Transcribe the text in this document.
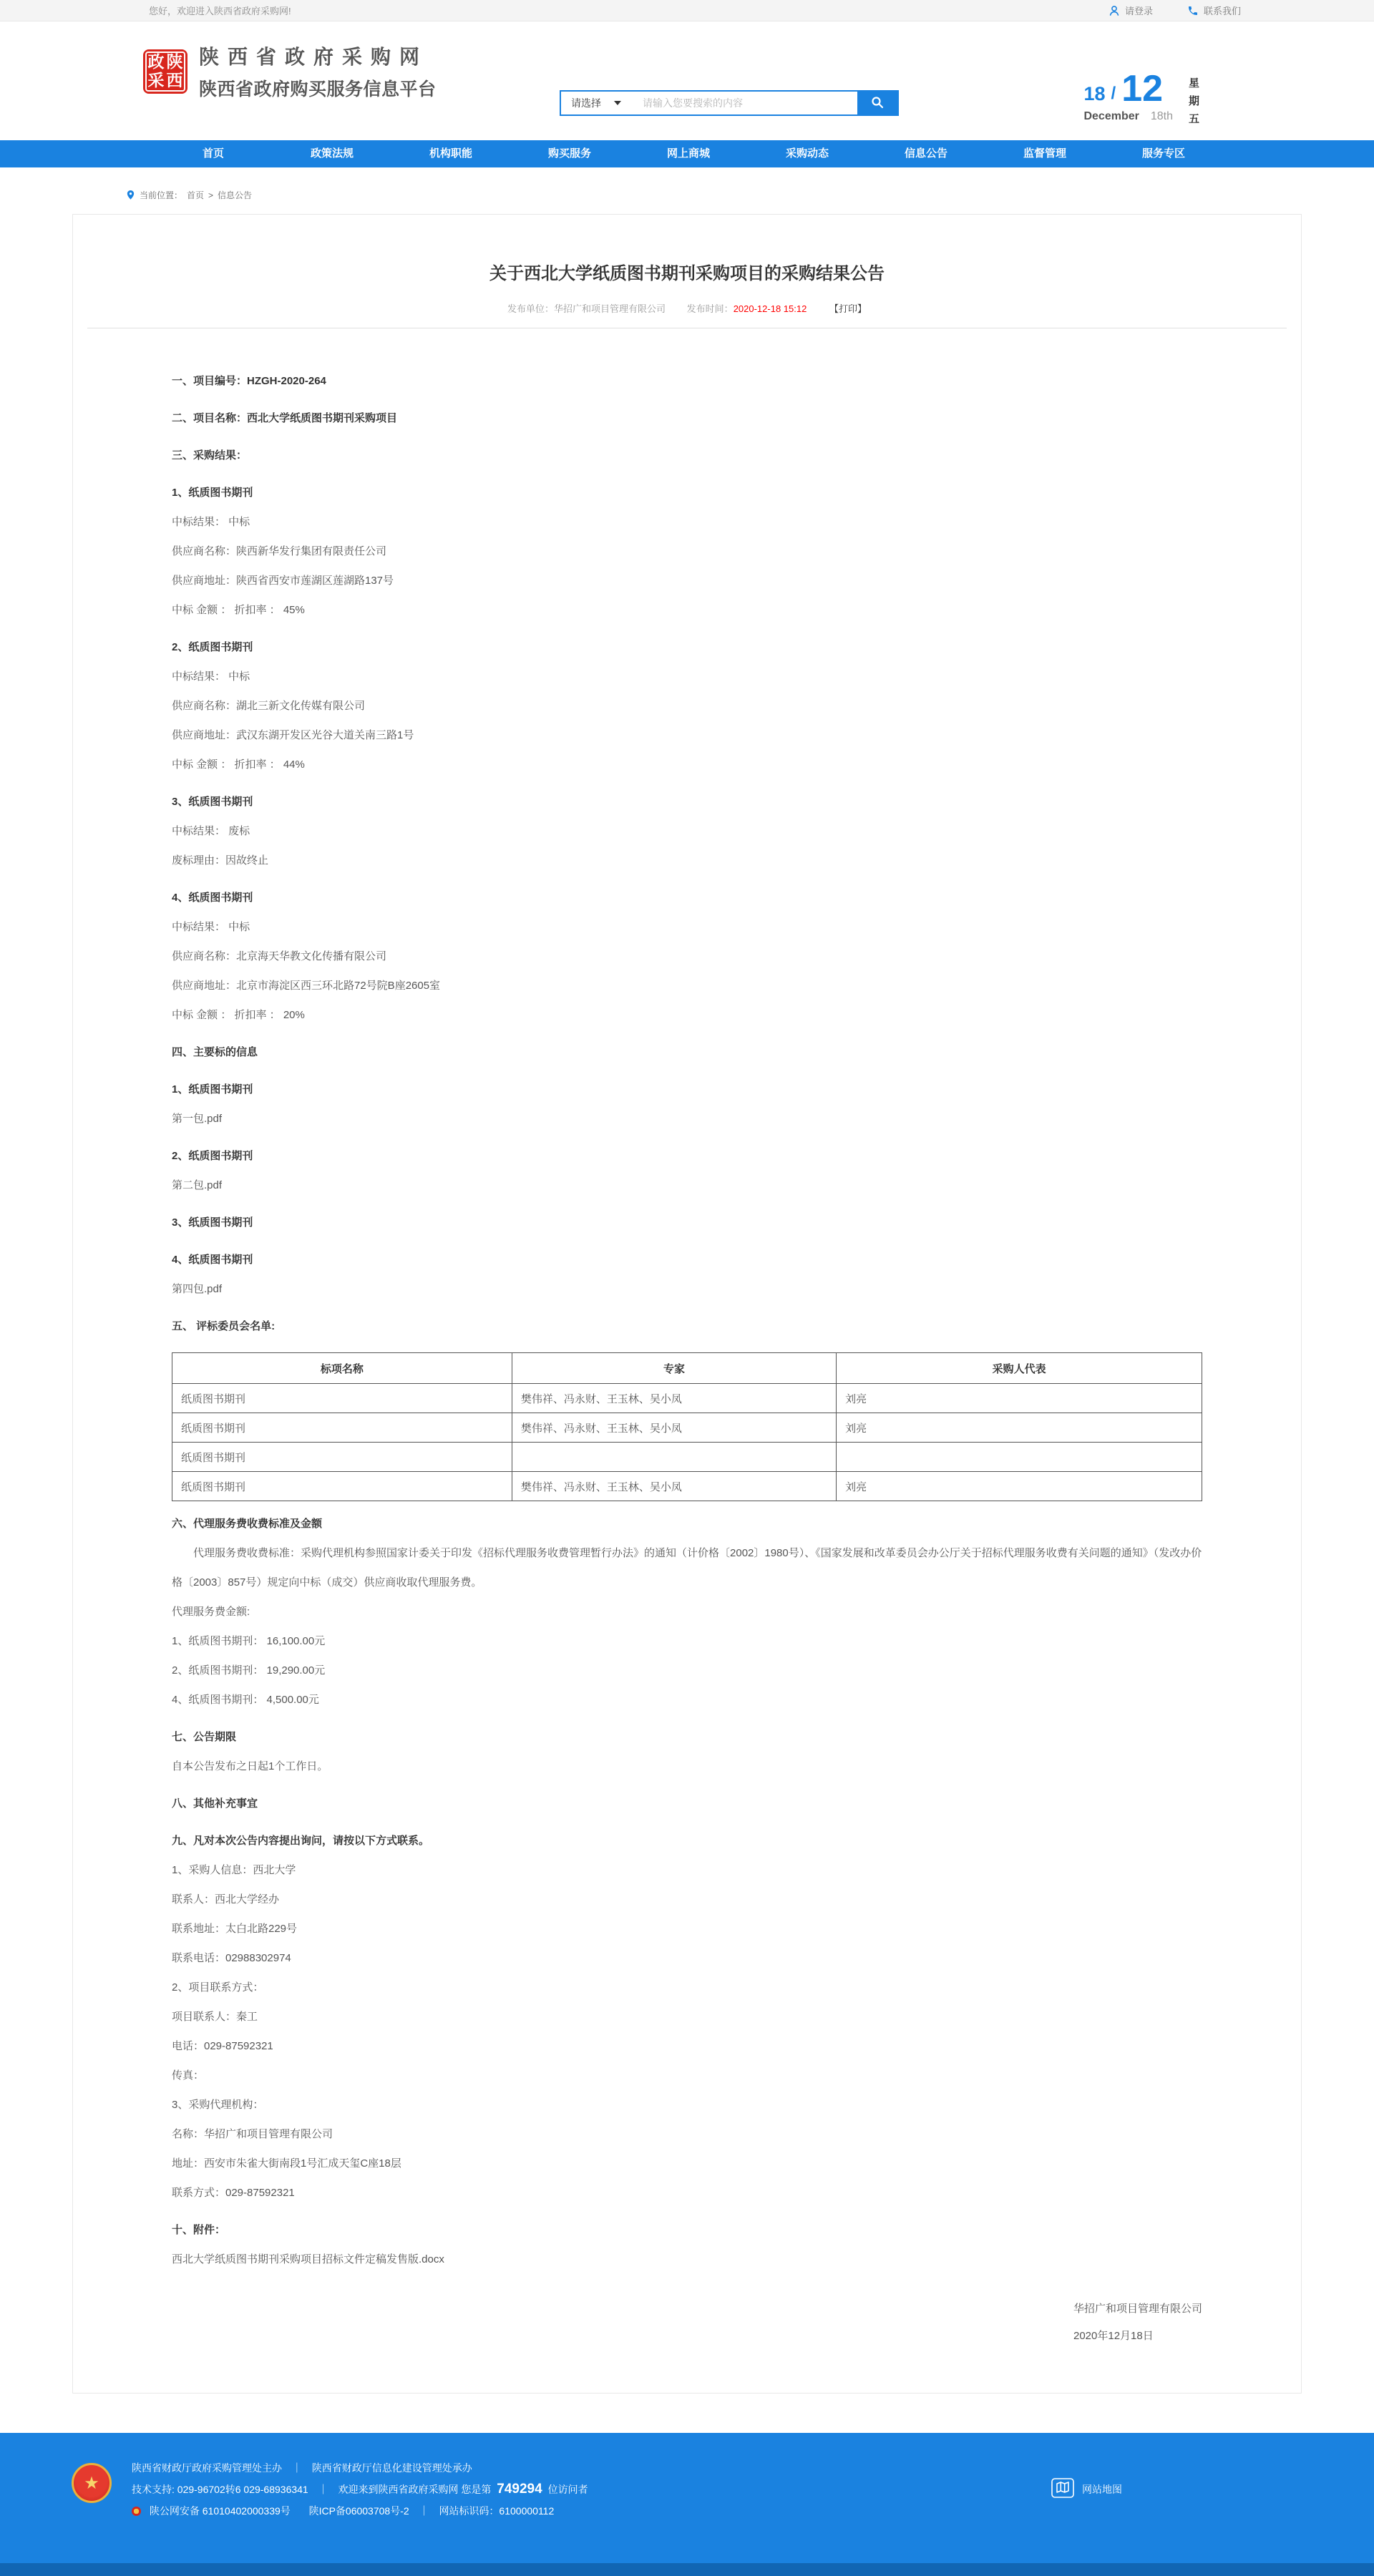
您好，欢迎进入陕西省政府采购网!	请登录	联系我们
政 陕
采 西
陕西省政府采购网
陕西省政府购买服务信息平台
请选择
请输入您要搜索的内容	18 / 12
December 18th
星
期
五
首页	政策法规	机构职能	购买服务	网上商城	采购动态	信息公告	监督管理	服务专区
当前位置： 首页 > 信息公告
关于西北大学纸质图书期刊采购项目的采购结果公告
发布单位：华招广和项目管理有限公司 发布时间：2020-12-18 15:12 【打印】

一、项目编号：HZGH-2020-264

二、项目名称：西北大学纸质图书期刊采购项目

三、采购结果：

1、纸质图书期刊

中标结果： 中标

供应商名称：陕西新华发行集团有限责任公司

供应商地址：陕西省西安市莲湖区莲湖路137号

中标 金额 ： 折扣率 ： 45%

2、纸质图书期刊

中标结果： 中标

供应商名称：湖北三新文化传媒有限公司

供应商地址：武汉东湖开发区光谷大道关南三路1号

中标 金额 ： 折扣率 ： 44%

3、纸质图书期刊

中标结果： 废标

废标理由：因故终止

4、纸质图书期刊

中标结果： 中标

供应商名称：北京海天华教文化传播有限公司

供应商地址：北京市海淀区西三环北路72号院B座2605室

中标 金额 ： 折扣率 ： 20%

四、主要标的信息

1、纸质图书期刊

第一包.pdf

2、纸质图书期刊

第二包.pdf

3、纸质图书期刊

4、纸质图书期刊

第四包.pdf

五、 评标委员会名单:

标项名称	专家	采购人代表
纸质图书期刊	樊伟祥、冯永财、王玉林、吴小凤	刘亮
纸质图书期刊	樊伟祥、冯永财、王玉林、吴小凤	刘亮
纸质图书期刊		
纸质图书期刊	樊伟祥、冯永财、王玉林、吴小凤	刘亮

六、代理服务费收费标准及金额

代理服务费收费标准：采购代理机构参照国家计委关于印发《招标代理服务收费管理暂行办法》的通知（计价格〔2002〕1980号）、《国家发展和改革委员会办公厅关于招标代理服务收费有关问题的通知》（发改办价格〔2003〕857号）规定向中标（成交）供应商收取代理服务费。

代理服务费金额:

1、纸质图书期刊： 16,100.00元

2、纸质图书期刊： 19,290.00元

4、纸质图书期刊： 4,500.00元

七、公告期限

自本公告发布之日起1个工作日。

八、其他补充事宜

九、凡对本次公告内容提出询问，请按以下方式联系。

1、采购人信息：西北大学

联系人：西北大学经办

联系地址：太白北路229号

联系电话：02988302974

2、项目联系方式：

项目联系人：秦工

电话：029-87592321

传真：

3、采购代理机构：

名称：华招广和项目管理有限公司

地址：西安市朱雀大街南段1号汇成天玺C座18层

联系方式：029-87592321

十、附件：

西北大学纸质图书期刊采购项目招标文件定稿发售版.docx

华招广和项目管理有限公司

2020年12月18日

★
陕西省财政厅政府采购管理处主办 ｜ 陕西省财政厅信息化建设管理处承办
技术支持: 029-96702转6 029-68936341 ｜ 欢迎来到陕西省政府采购网 您是第 749294 位访问者
陕公网安备 61010402000339号 陕ICP备06003708号-2 ｜ 网站标识码：6100000112
网站地图
